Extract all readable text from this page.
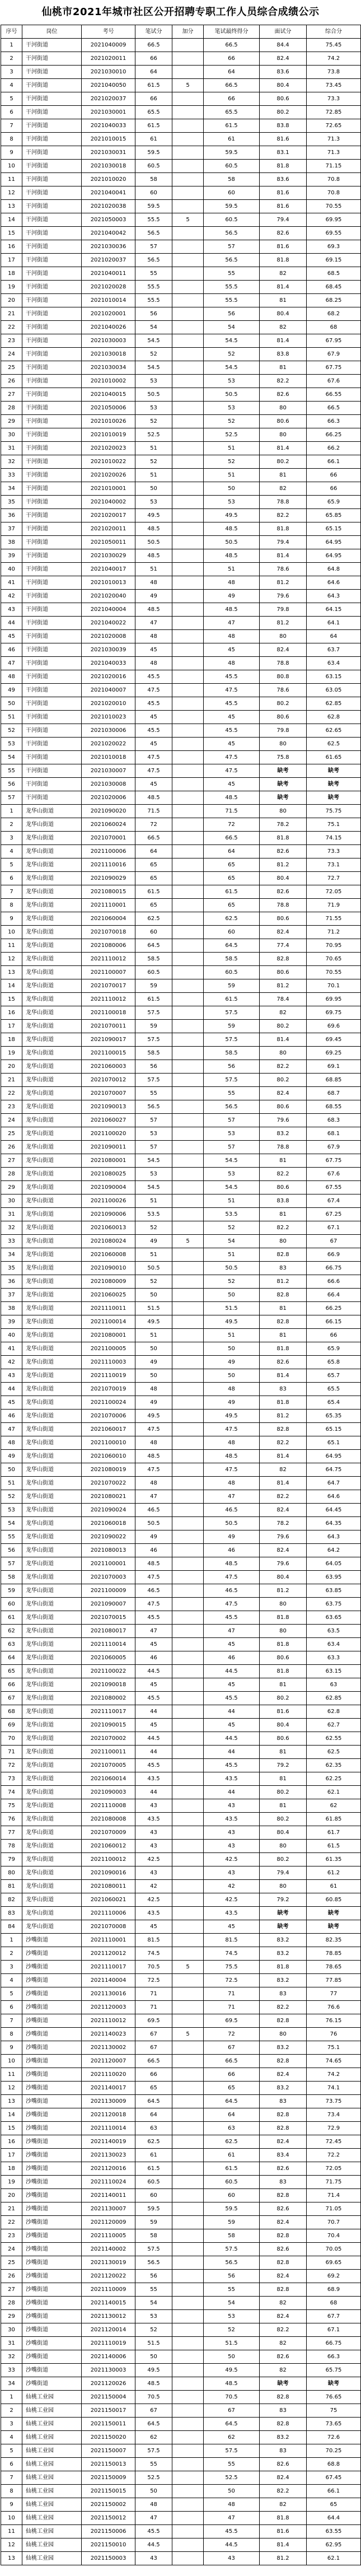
仙桃市2021年城市社区公开招聘专职工作人员综合成绩公示
序号	岗位	考号	笔试分	加分	笔试最终得分	面试分	综合分
1	干河街道	2021040009	66.5		66.5	84.4	75.45
2	干河街道	2021020011	66		66	82.4	74.2
3	干河街道	2021030010	64		64	83.6	73.8
4	干河街道	2021040050	61.5	5	66.5	80.4	73.45
5	干河街道	2021020037	66		66	80.6	73.3
6	干河街道	2021030001	65.5		65.5	80.2	72.85
7	干河街道	2021040033	61.5		61.5	83.8	72.65
8	干河街道	2021010015	61		61	81.6	71.3
9	干河街道	2021030031	59.5		59.5	83.1	71.3
10	干河街道	2021030018	60.5		60.5	81.8	71.15
11	干河街道	2021010020	58		58	83.6	70.8
12	干河街道	2021040041	60		60	81.6	70.8
13	干河街道	2021020038	59.5		59.5	81.6	70.55
14	干河街道	2021050003	55.5	5	60.5	79.4	69.95
15	干河街道	2021040042	56.5		56.5	82.6	69.55
16	干河街道	2021030036	57		57	81.6	69.3
17	干河街道	2021020037	56.5		56.5	81.8	69.15
18	干河街道	2021040011	55		55	82	68.5
19	干河街道	2021020028	55.5		55.5	81.4	68.45
20	干河街道	2021010014	55.5		55.5	81	68.25
21	干河街道	2021020001	56		56	80.4	68.2
22	干河街道	2021040026	54		54	82	68
23	干河街道	2021030003	54.5		54.5	81.4	67.95
24	干河街道	2021030018	52		52	83.8	67.9
25	干河街道	2021030034	54.5		54.5	81	67.75
26	干河街道	2021010002	53		53	82.2	67.6
27	干河街道	2021040015	50.5		50.5	82.6	66.55
28	干河街道	2021050006	53		53	80	66.5
29	干河街道	2021010026	52		52	80.6	66.3
30	干河街道	2021010019	52.5		52.5	80	66.25
31	干河街道	2021020023	51		51	81.4	66.2
32	干河街道	2021010022	52		52	80.2	66.1
33	干河街道	2021020026	51		51	81	66
34	干河街道	2021010001	50		50	82	66
35	干河街道	2021040002	53		53	78.8	65.9
36	干河街道	2021020017	49.5		49.5	82.2	65.85
37	干河街道	2021020011	48.5		48.5	81.8	65.15
38	干河街道	2021050011	50.5		50.5	79.4	64.95
39	干河街道	2021030029	48.5		48.5	81.4	64.95
40	干河街道	2021040017	51		51	78.6	64.8
41	干河街道	2021010013	48		48	81.2	64.6
42	干河街道	2021020040	49		49	79.6	64.3
43	干河街道	2021040004	48.5		48.5	79.8	64.15
44	干河街道	2021040022	47		47	81.2	64.1
45	干河街道	2021020008	48		48	80	64
46	干河街道	2021030039	45		45	82.4	63.7
47	干河街道	2021040033	48		48	78.8	63.4
48	干河街道	2021020016	45.5		45.5	80.8	63.15
49	干河街道	2021040007	47.5		47.5	78.6	63.05
50	干河街道	2021020010	45.5		45.5	80.2	62.85
51	干河街道	2021010023	45		45	80.6	62.8
52	干河街道	2021030006	45.5		45.5	79.8	62.65
53	干河街道	2021020022	45		45	80	62.5
54	干河街道	2021010018	47.5		47.5	75.8	61.65
55	干河街道	2021030007	47.5		47.5	缺考	缺考
56	干河街道	2021030008	45		45	缺考	缺考
57	干河街道	2021020006	48.5		48.5	缺考	缺考
1	龙华山街道	2021090020	71.5		71.5	80	75.75
2	龙华山街道	2021060024	72		72	78.2	75.1
3	龙华山街道	2021070001	66.5		66.5	81.8	74.15
4	龙华山街道	2021100006	64		64	82.6	73.3
5	龙华山街道	2021110016	65		65	81.2	73.1
6	龙华山街道	2021090029	65		65	80.4	72.7
7	龙华山街道	2021080015	61.5		61.5	82.6	72.05
8	龙华山街道	2021110001	65		65	78.8	71.9
9	龙华山街道	2021060004	62.5		62.5	80.6	71.55
10	龙华山街道	2021070018	60		60	82.4	71.2
11	龙华山街道	2021080006	64.5		64.5	77.4	70.95
12	龙华山街道	2021110012	58.5		58.5	82.8	70.65
13	龙华山街道	2021100007	60.5		60.5	80.6	70.55
14	龙华山街道	2021070017	59		59	81.2	70.1
15	龙华山街道	2021110012	61.5		61.5	78.4	69.95
16	龙华山街道	2021100018	57.5		57.5	82	69.75
17	龙华山街道	2021070011	59		59	80.2	69.6
18	龙华山街道	2021090017	57.5		57.5	81.4	69.45
19	龙华山街道	2021100015	58.5		58.5	80	69.25
20	龙华山街道	2021060003	56		56	82.2	69.1
21	龙华山街道	2021070012	57.5		57.5	80.2	68.85
22	龙华山街道	2021070007	55		55	82.4	68.7
23	龙华山街道	2021090013	56.5		56.5	80.6	68.55
24	龙华山街道	2021060027	57		57	79.6	68.3
25	龙华山街道	2021100020	53		53	83.2	68.1
26	龙华山街道	2021090011	57		57	78.8	67.9
27	龙华山街道	2021080001	54.5		54.5	81	67.75
28	龙华山街道	2021080025	53		53	82.2	67.6
29	龙华山街道	2021090004	54.5		54.5	80.6	67.55
30	龙华山街道	2021100026	51		51	83.8	67.4
31	龙华山街道	2021090006	53.5		53.5	81	67.25
32	龙华山街道	2021060013	52		52	82.2	67.1
33	龙华山街道	2021080024	49	5	54	80	67
34	龙华山街道	2021060008	51		51	82.8	66.9
35	龙华山街道	2021090010	50.5		50.5	83	66.75
36	龙华山街道	2021080009	52		52	81.2	66.6
37	龙华山街道	2021060025	50		50	82.8	66.4
38	龙华山街道	2021110011	51.5		51.5	81	66.25
39	龙华山街道	2021100014	49.5		49.5	82.8	66.15
40	龙华山街道	2021080001	51		51	81	66
41	龙华山街道	2021100005	50		50	81.8	65.9
42	龙华山街道	2021110003	49		49	82.6	65.8
43	龙华山街道	2021110019	50		50	81.4	65.7
44	龙华山街道	2021070019	48		48	83	65.5
45	龙华山街道	2021100024	49		49	81.8	65.4
46	龙华山街道	2021070006	49.5		49.5	81.2	65.35
47	龙华山街道	2021060017	47.5		47.5	82.8	65.15
48	龙华山街道	2021100010	48		48	82.2	65.1
49	龙华山街道	2021060010	48.5		48.5	81.4	64.95
50	龙华山街道	2021080019	47.5		47.5	82	64.75
51	龙华山街道	2021070022	48		48	81.4	64.7
52	龙华山街道	2021080021	47		47	82.2	64.6
53	龙华山街道	2021090024	46.5		46.5	82.4	64.45
54	龙华山街道	2021060018	50.5		50.5	78.2	64.35
55	龙华山街道	2021090022	49		49	79.6	64.3
56	龙华山街道	2021080013	46		46	82.4	64.2
57	龙华山街道	2021100001	48.5		48.5	79.6	64.05
58	龙华山街道	2021070003	47.5		47.5	80.4	63.95
59	龙华山街道	2021100009	46.5		46.5	81.2	63.85
60	龙华山街道	2021090007	47.5		47.5	80	63.75
61	龙华山街道	2021070015	45.5		45.5	81.8	63.65
62	龙华山街道	2021080017	47		47	80	63.5
63	龙华山街道	2021110014	45		45	81.8	63.4
64	龙华山街道	2021060005	46		46	80.6	63.3
65	龙华山街道	2021100022	44.5		44.5	81.8	63.15
66	龙华山街道	2021090018	45		45	81	63
67	龙华山街道	2021080002	45.5		45.5	80.2	62.85
68	龙华山街道	2021110017	44		44	81.6	62.8
69	龙华山街道	2021090015	45		45	80.4	62.7
70	龙华山街道	2021070002	44.5		44.5	80.6	62.55
71	龙华山街道	2021100011	44		44	81	62.5
72	龙华山街道	2021070005	45.5		45.5	79.2	62.35
73	龙华山街道	2021060014	43.5		43.5	81	62.25
74	龙华山街道	2021090003	44		44	80.2	62.1
75	龙华山街道	2021110008	43		43	81	62
76	龙华山街道	2021080008	43.5		43.5	80.2	61.85
77	龙华山街道	2021070009	43		43	80.4	61.7
78	龙华山街道	2021060012	43		43	80	61.5
79	龙华山街道	2021100012	42.5		42.5	80.2	61.35
80	龙华山街道	2021090016	43		43	79.4	61.2
81	龙华山街道	2021080011	42		42	80	61
82	龙华山街道	2021060021	42.5		42.5	79.2	60.85
83	龙华山街道	2021110006	43.5		43.5	缺考	缺考
84	龙华山街道	2021070008	45		45	缺考	缺考
1	沙嘴街道	2021110001	81.5		81.5	83.2	82.35
2	沙嘴街道	2021120012	74.5		74.5	83.2	78.85
3	沙嘴街道	2021110017	70.5	5	75.5	81.8	78.65
4	沙嘴街道	2021140004	72.5		72.5	83.2	77.85
5	沙嘴街道	2021130016	71		71	83	77
6	沙嘴街道	2021120003	71		71	82.2	76.6
7	沙嘴街道	2021110012	69.5		69.5	82.8	76.15
8	沙嘴街道	2021140023	67	5	72	80	76
9	沙嘴街道	2021130002	67		67	83.2	75.1
10	沙嘴街道	2021120007	66.5		66.5	82.8	74.65
11	沙嘴街道	2021110020	66		66	82.4	74.2
12	沙嘴街道	2021140017	65		65	83.2	74.1
13	沙嘴街道	2021130009	64.5		64.5	83	73.75
14	沙嘴街道	2021120018	64		64	82.8	73.4
15	沙嘴街道	2021110014	63		63	82.8	72.9
16	沙嘴街道	2021140019	62.5		62.5	82.4	72.45
17	沙嘴街道	2021130023	61		61	83.4	72.2
18	沙嘴街道	2021120016	61.5		61.5	82.6	72.05
19	沙嘴街道	2021110024	60.5		60.5	83	71.75
20	沙嘴街道	2021140011	60		60	82.8	71.4
21	沙嘴街道	2021130007	59.5		59.5	82.6	71.05
22	沙嘴街道	2021120009	59		59	82.4	70.7
23	沙嘴街道	2021110005	58		58	82.8	70.4
24	沙嘴街道	2021140002	57.5		57.5	82.6	70.05
25	沙嘴街道	2021130019	56.5		56.5	82.8	69.65
26	沙嘴街道	2021120022	56		56	82.4	69.2
27	沙嘴街道	2021110009	55		55	82.8	68.9
28	沙嘴街道	2021140015	54		54	82	68
29	沙嘴街道	2021130012	53		53	82.4	67.7
30	沙嘴街道	2021120014	52		52	82.2	67.1
31	沙嘴街道	2021110019	51.5		51.5	82	66.75
32	沙嘴街道	2021140006	50		50	82.6	66.3
33	沙嘴街道	2021130003	49.5		49.5	82	65.75
34	沙嘴街道	2021120026	48.5		48.5	缺考	缺考
1	仙桃工业园	2021150004	70.5		70.5	82.8	76.65
2	仙桃工业园	2021150017	67		67	83	75
3	仙桃工业园	2021150011	64.5		64.5	82.8	73.65
4	仙桃工业园	2021150020	62		62	83.2	72.6
5	仙桃工业园	2021150007	57.5		57.5	83	70.25
6	仙桃工业园	2021150013	55		55	82.6	68.8
7	仙桃工业园	2021150009	52.5		52.5	82.4	67.45
8	仙桃工业园	2021150015	50		50	82.2	66.1
9	仙桃工业园	2021150002	48		48	82	65
10	仙桃工业园	2021150012	47		47	81.8	64.4
11	仙桃工业园	2021150006	45.5		45.5	81.6	63.55
12	仙桃工业园	2021150010	44.5		44.5	81.4	62.95
13	仙桃工业园	2021150003	43		43	81.2	62.1
